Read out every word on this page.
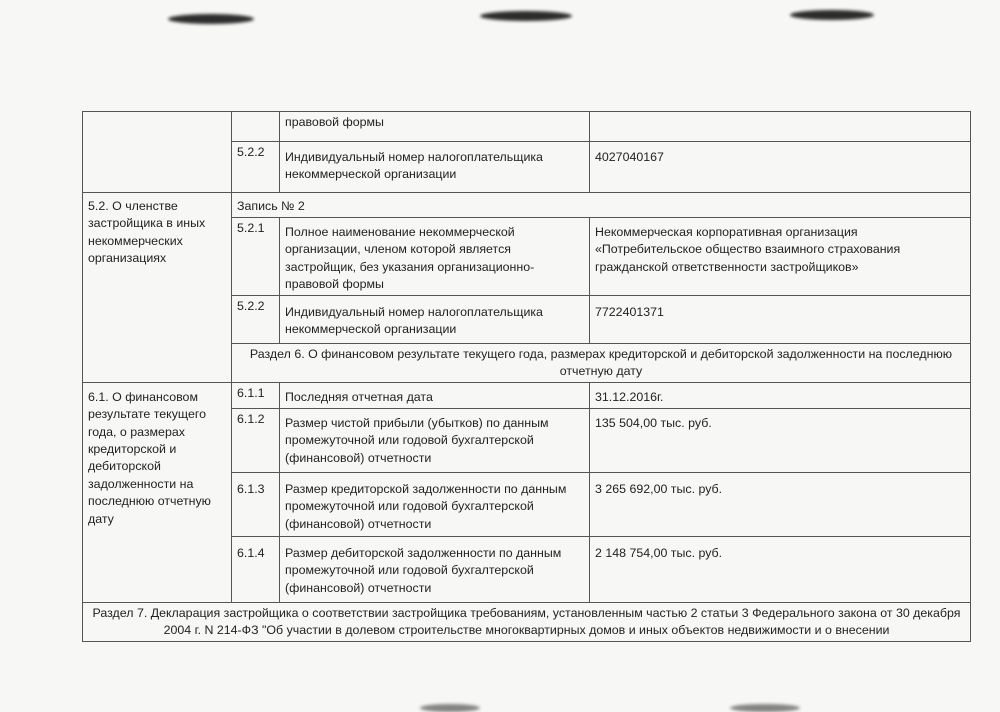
		правовой формы	
	5.2.2	Индивидуальный номер налогоплательщика некоммерческой организации	4027040167
5.2. О членстве застройщика в иных некоммерческих организациях	Запись № 2		
	5.2.1	Полное наименование некоммерческой организации, членом которой является застройщик, без указания организационно-правовой формы	Некоммерческая корпоративная организация «Потребительское общество взаимного страхования гражданской ответственности застройщиков»
	5.2.2	Индивидуальный номер налогоплательщика некоммерческой организации	7722401371
	Раздел 6. О финансовом результате текущего года, размерах кредиторской и дебиторской задолженности на последнюю отчетную дату		
6.1. О финансовом результате текущего года, о размерах кредиторской и дебиторской задолженности на последнюю отчетную дату	6.1.1	Последняя отчетная дата	31.12.2016г.
	6.1.2	Размер чистой прибыли (убытков) по данным промежуточной или годовой бухгалтерской (финансовой) отчетности	135 504,00 тыс. руб.
	6.1.3	Размер кредиторской задолженности по данным промежуточной или годовой бухгалтерской (финансовой) отчетности	3 265 692,00 тыс. руб.
	6.1.4	Размер дебиторской задолженности по данным промежуточной или годовой бухгалтерской (финансовой) отчетности	2 148 754,00 тыс. руб.
Раздел 7. Декларация застройщика о соответствии застройщика требованиям, установленным частью 2 статьи 3 Федерального закона от 30 декабря 2004 г. N 214-ФЗ "Об участии в долевом строительстве многоквартирных домов и иных объектов недвижимости и о внесении			
